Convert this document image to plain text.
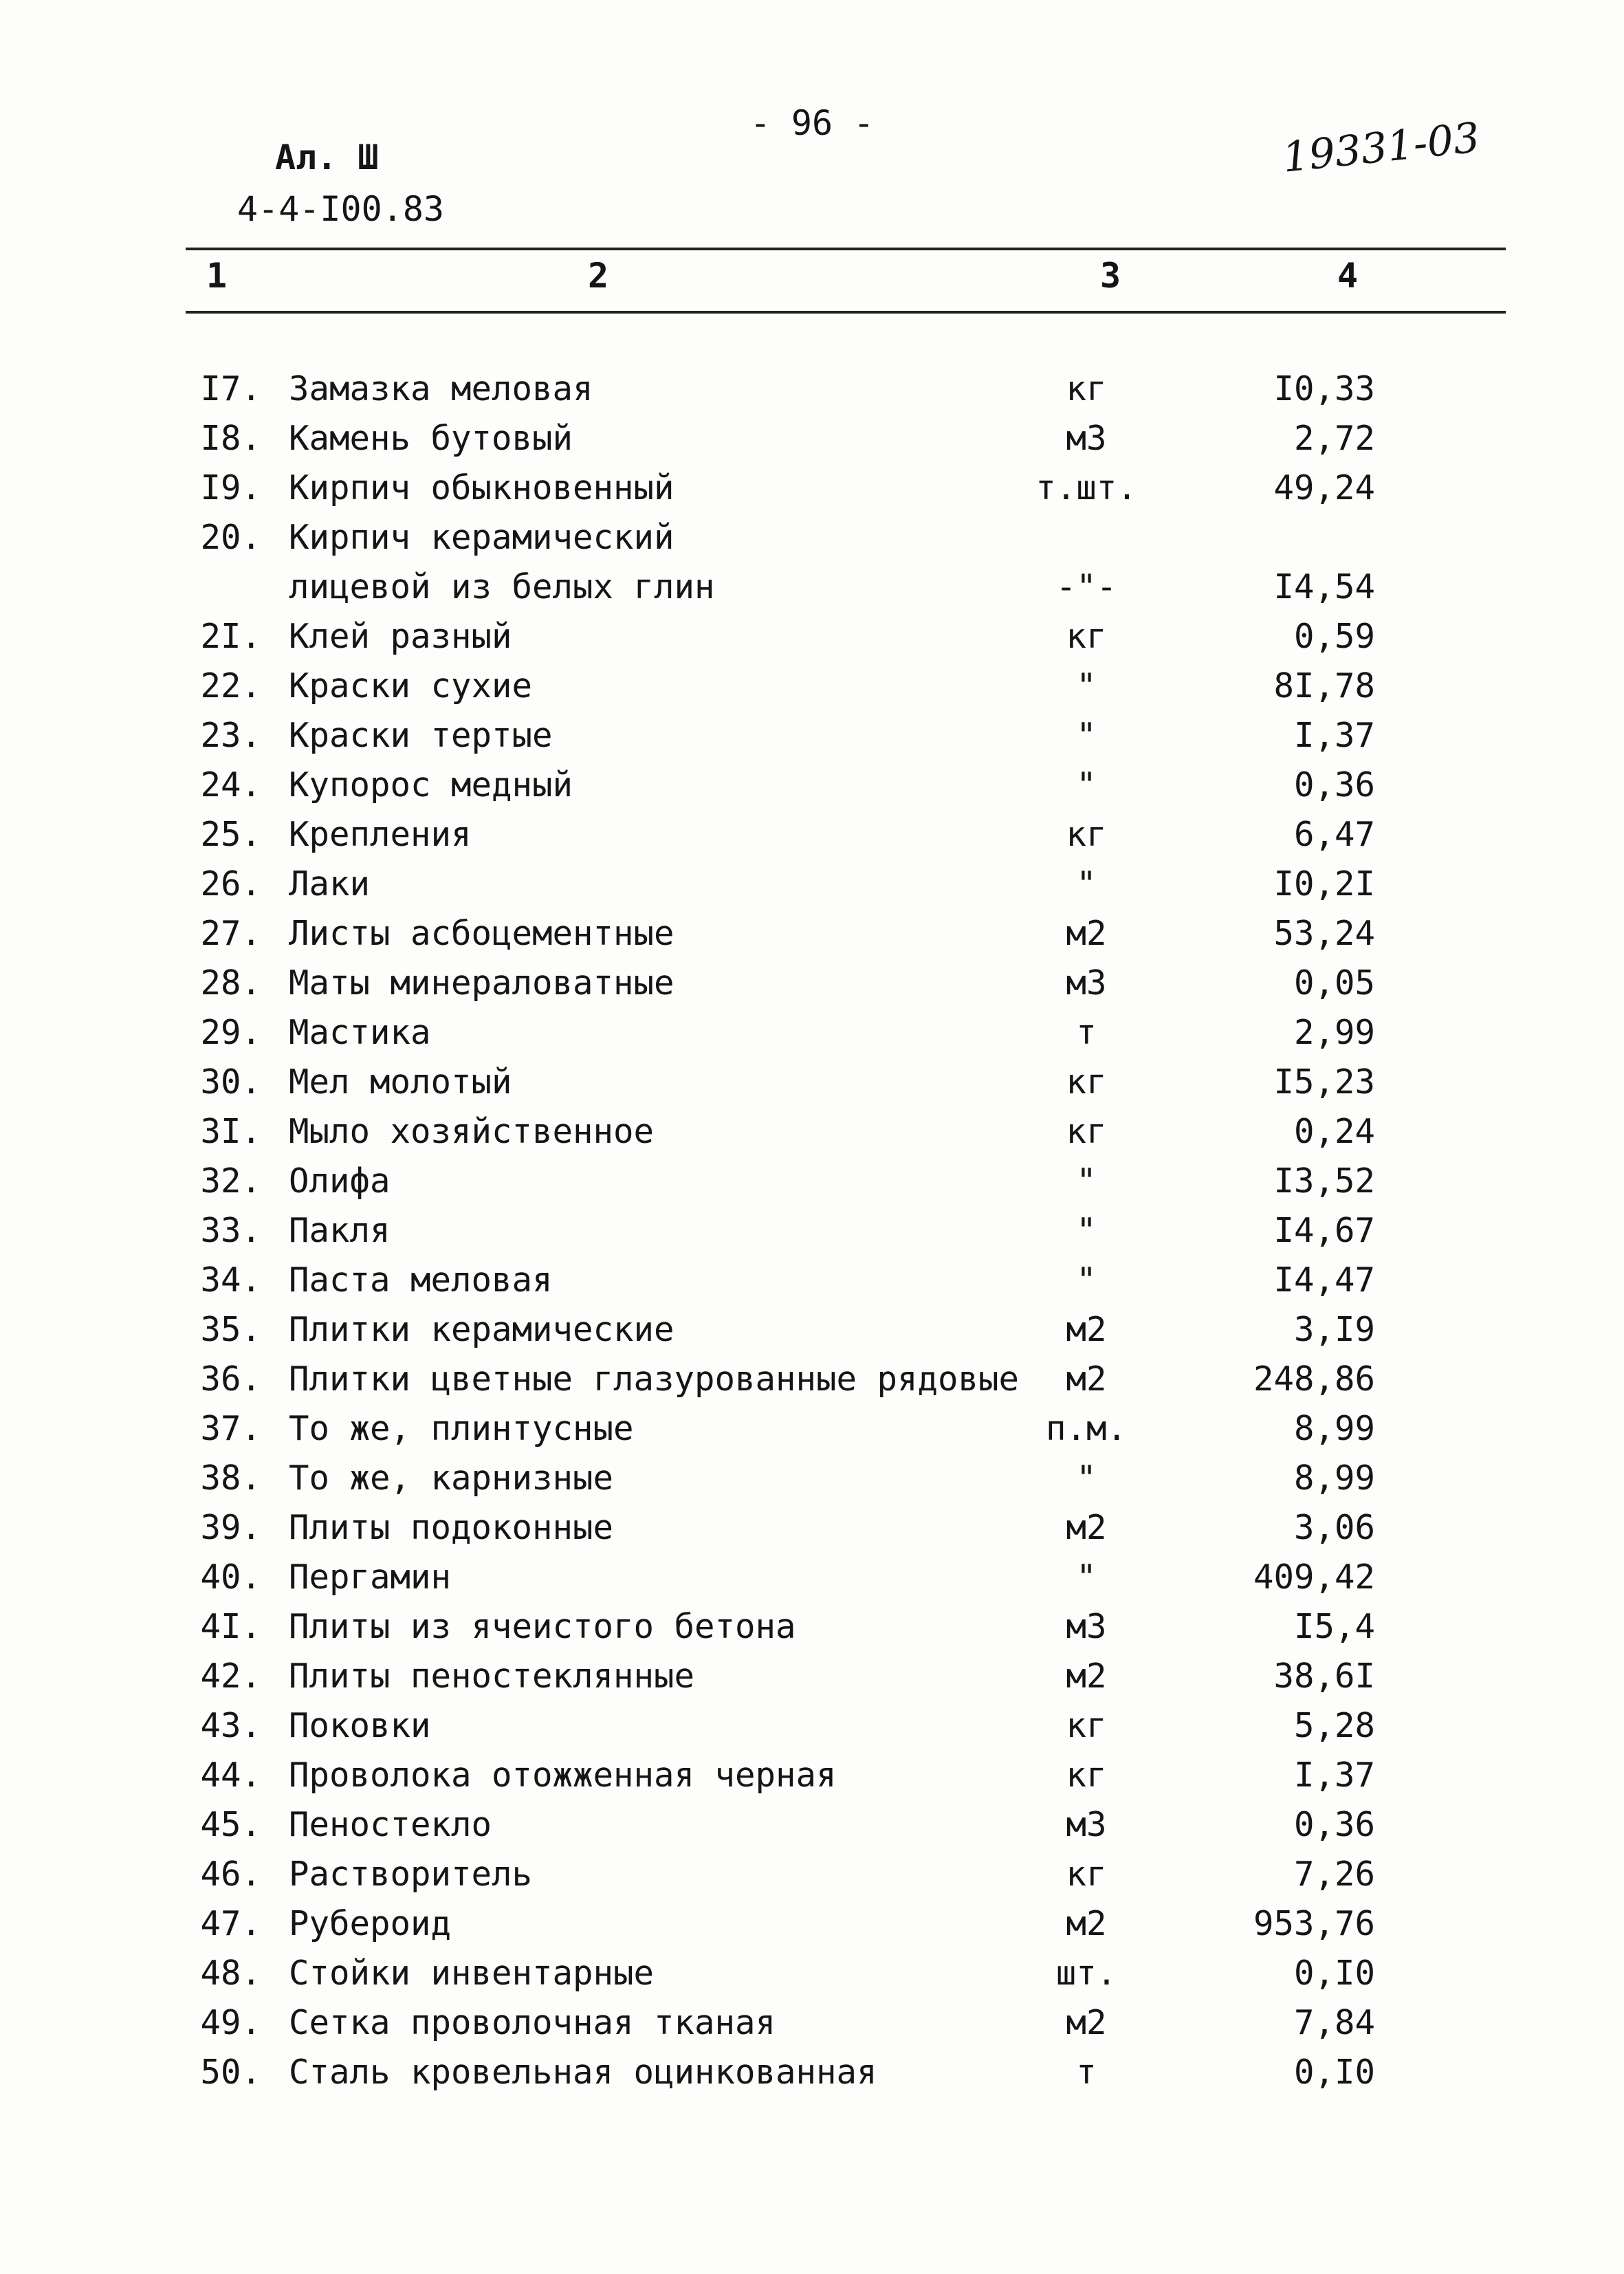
- 96 -
Ал. Ш
4-4-I00.83
19331-03
1	2	3	4
I7. Замазка меловая	кг	I0,33
I8. Камень бутовый	м3	2,72
I9. Кирпич обыкновенный	т.шт.	49,24
20. Кирпич керамический
лицевой из белых глин	-"-	I4,54
2I. Клей разный	кг	0,59
22. Краски сухие	"	8I,78
23. Краски тертые	"	I,37
24. Купорос медный	"	0,36
25. Крепления	кг	6,47
26. Лаки	"	I0,2I
27. Листы асбоцементные	м2	53,24
28. Маты минераловатные	м3	0,05
29. Мастика	т	2,99
30. Мел молотый	кг	I5,23
3I. Мыло хозяйственное	кг	0,24
32. Олифа	"	I3,52
33. Пакля	"	I4,67
34. Паста меловая	"	I4,47
35. Плитки керамические	м2	3,I9
36. Плитки цветные глазурованные рядовые	м2	248,86
37. То же, плинтусные	п.м.	8,99
38. То же, карнизные	"	8,99
39. Плиты подоконные	м2	3,06
40. Пергамин	"	409,42
4I. Плиты из ячеистого бетона	м3	I5,4
42. Плиты пеностеклянные	м2	38,6I
43. Поковки	кг	5,28
44. Проволока отожженная черная	кг	I,37
45. Пеностекло	м3	0,36
46. Растворитель	кг	7,26
47. Рубероид	м2	953,76
48. Стойки инвентарные	шт.	0,I0
49. Сетка проволочная тканая	м2	7,84
50. Сталь кровельная оцинкованная	т	0,I0
